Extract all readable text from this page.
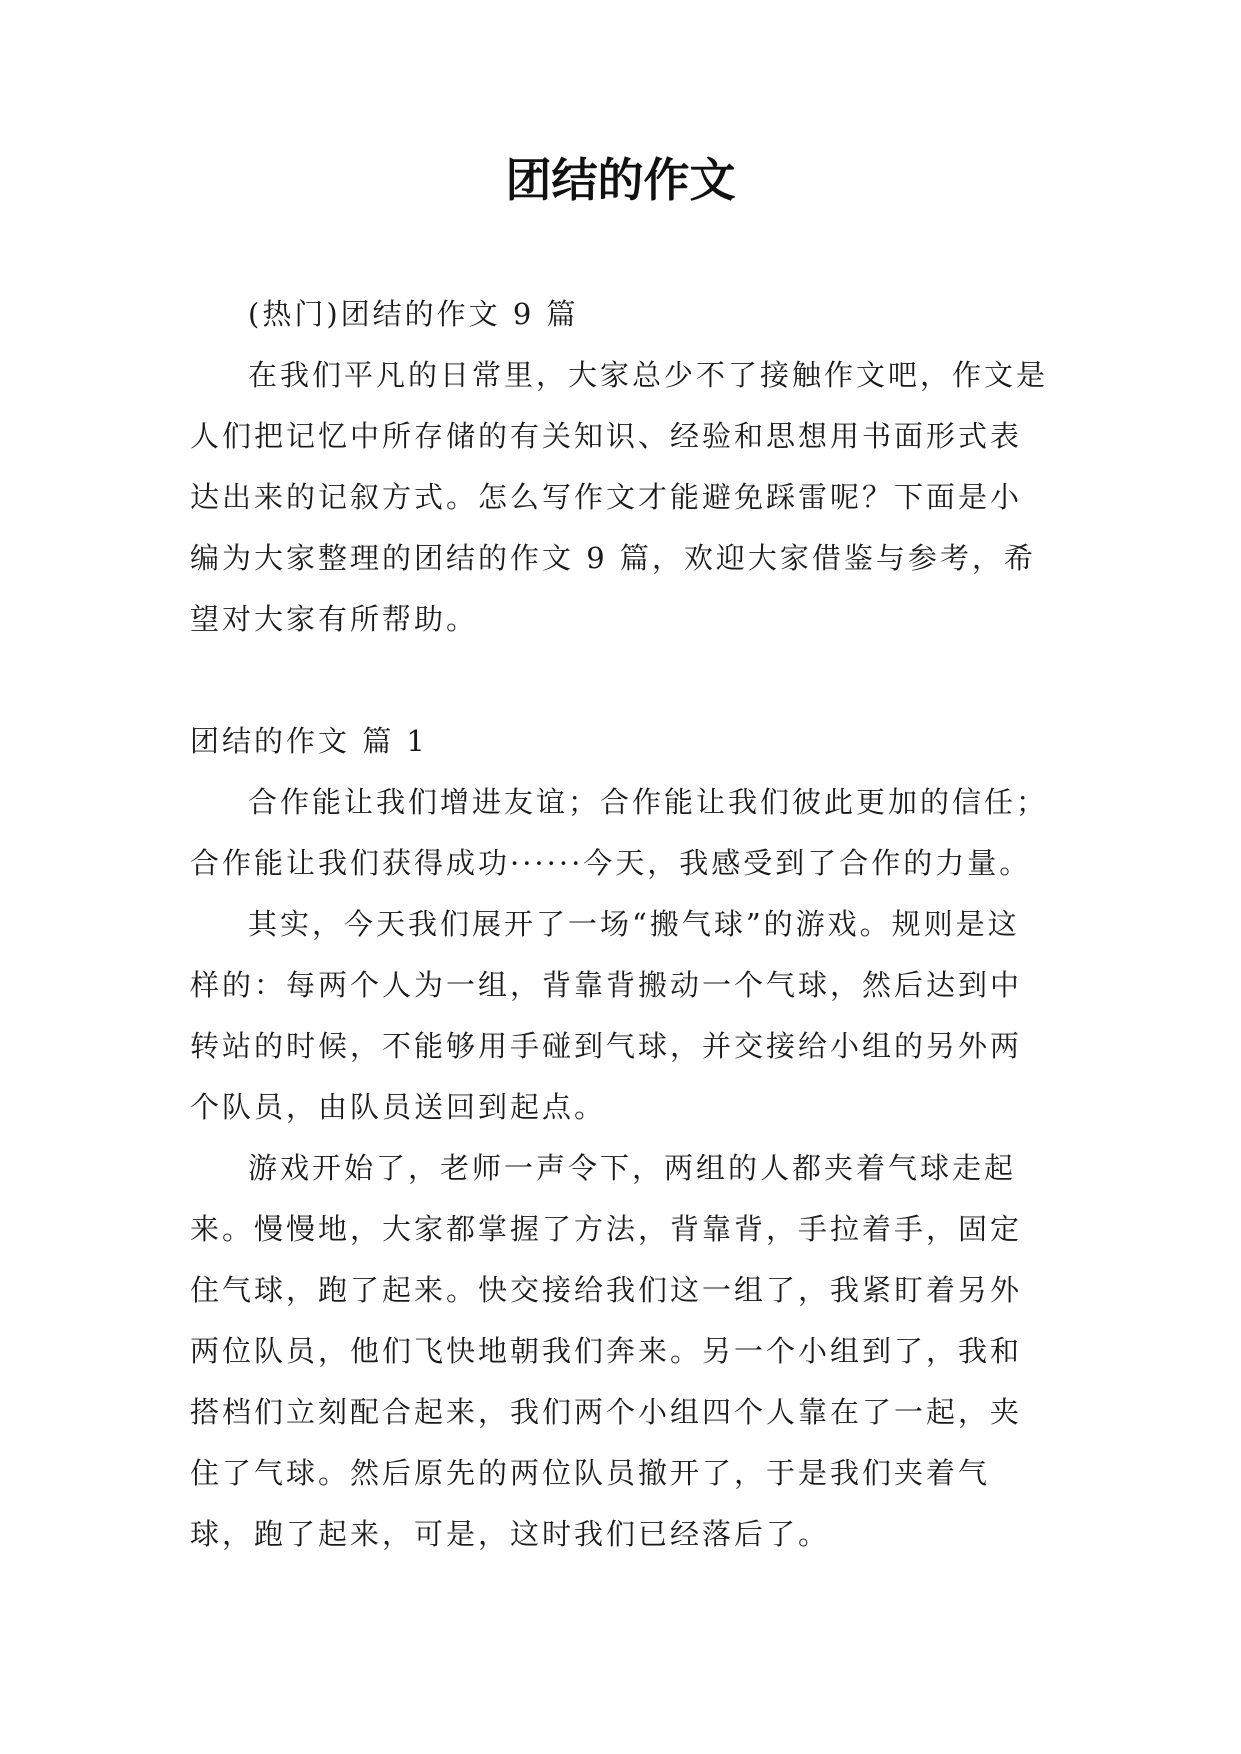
团结的作文

(热门)团结的作文 9 篇

在我们平凡的日常里，大家总少不了接触作文吧，作文是人们把记忆中所存储的有关知识、经验和思想用书面形式表达出来的记叙方式。怎么写作文才能避免踩雷呢？下面是小编为大家整理的团结的作文 9 篇，欢迎大家借鉴与参考，希望对大家有所帮助。

团结的作文 篇 1

合作能让我们增进友谊；合作能让我们彼此更加的信任；合作能让我们获得成功······今天，我感受到了合作的力量。

其实，今天我们展开了一场“搬气球”的游戏。规则是这样的：每两个人为一组，背靠背搬动一个气球，然后达到中转站的时候，不能够用手碰到气球，并交接给小组的另外两个队员，由队员送回到起点。

游戏开始了，老师一声令下，两组的人都夹着气球走起来。慢慢地，大家都掌握了方法，背靠背，手拉着手，固定住气球，跑了起来。快交接给我们这一组了，我紧盯着另外两位队员，他们飞快地朝我们奔来。另一个小组到了，我和搭档们立刻配合起来，我们两个小组四个人靠在了一起，夹住了气球。然后原先的两位队员撤开了，于是我们夹着气球，跑了起来，可是，这时我们已经落后了。
